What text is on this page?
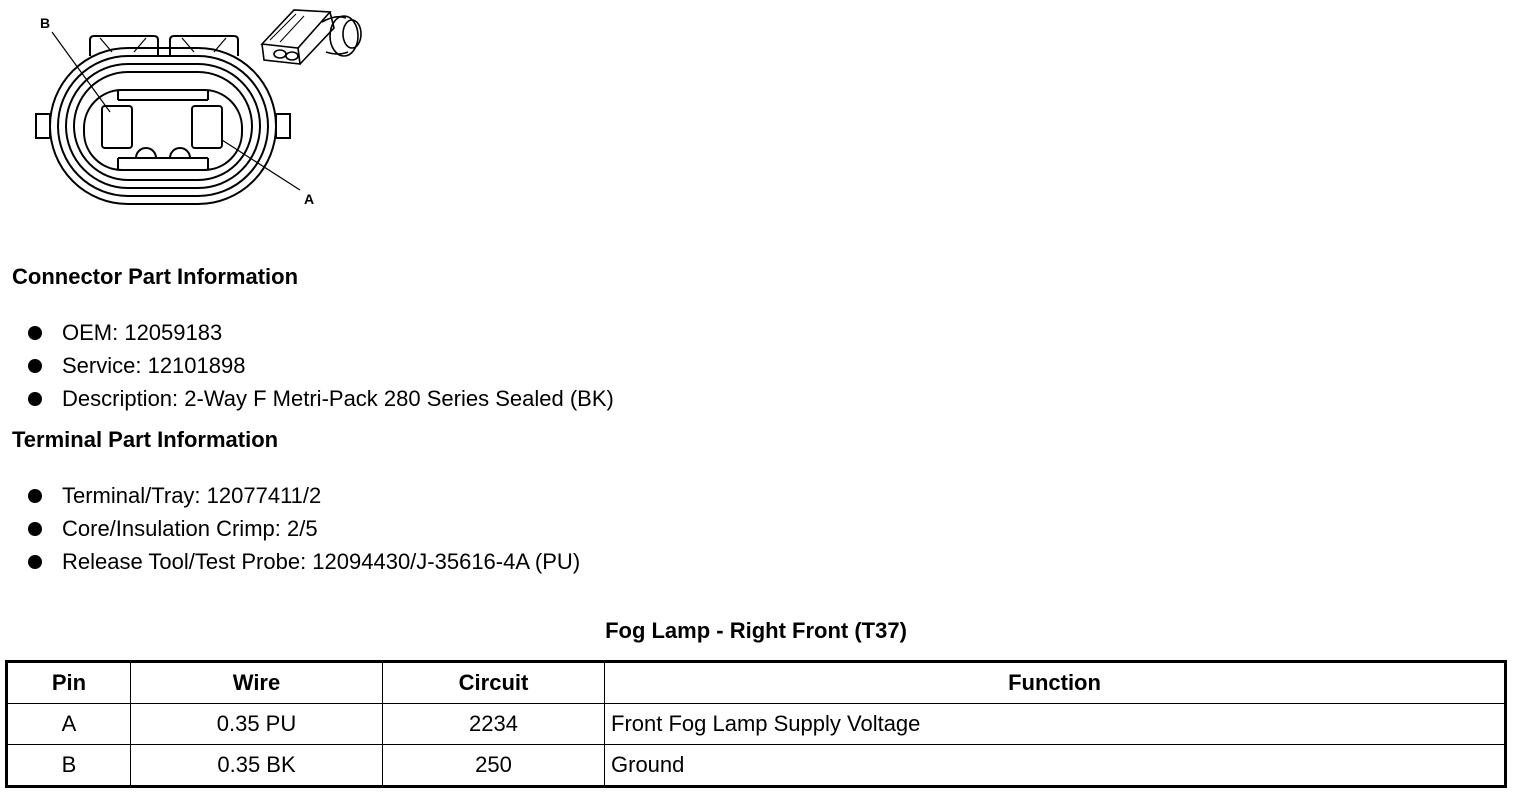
B
A
Connector Part Information
OEM: 12059183
Service: 12101898
Description: 2-Way F Metri-Pack 280 Series Sealed (BK)
Terminal Part Information
Terminal/Tray: 12077411/2
Core/Insulation Crimp: 2/5
Release Tool/Test Probe: 12094430/J-35616-4A (PU)
Fog Lamp - Right Front (T37)
Pin	Wire	Circuit	Function
A	0.35 PU	2234	Front Fog Lamp Supply Voltage
B	0.35 BK	250	Ground
